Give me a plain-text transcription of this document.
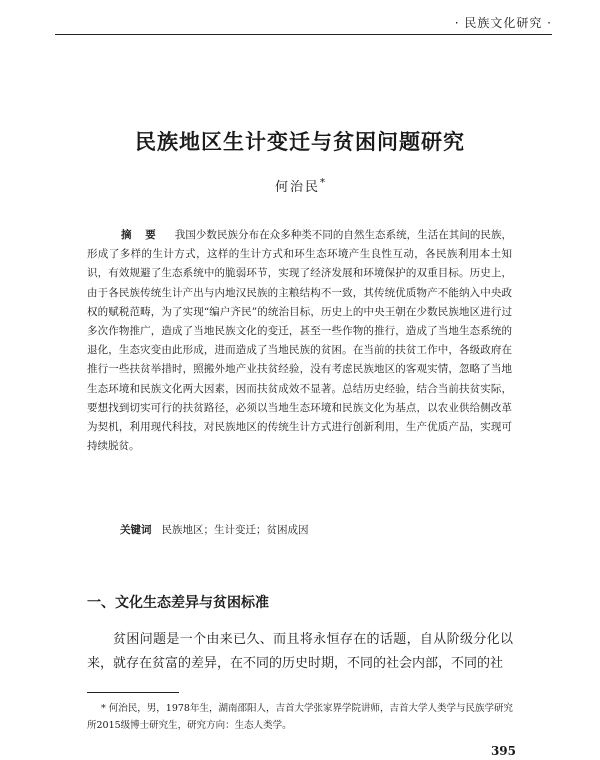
· 民族文化研究 ·
民族地区生计变迁与贫困问题研究
何治民*

摘 要 我国少数民族分布在众多种类不同的自然生态系统，生活在其间的民族，形成了多样的生计方式，这样的生计方式和环生态环境产生良性互动，各民族利用本土知识，有效规避了生态系统中的脆弱环节，实现了经济发展和环境保护的双重目标。历史上，由于各民族传统生计产出与内地汉民族的主粮结构不一致，其传统优质物产不能纳入中央政权的赋税范畴，为了实现“编户齐民”的统治目标，历史上的中央王朝在少数民族地区进行过多次作物推广，造成了当地民族文化的变迁，甚至一些作物的推行，造成了当地生态系统的退化，生态灾变由此形成，进而造成了当地民族的贫困。在当前的扶贫工作中，各级政府在推行一些扶贫举措时，照搬外地产业扶贫经验，没有考虑民族地区的客观实情，忽略了当地生态环境和民族文化两大因素，因而扶贫成效不显著。总结历史经验，结合当前扶贫实际，要想找到切实可行的扶贫路径，必须以当地生态环境和民族文化为基点，以农业供给侧改革为契机，利用现代科技，对民族地区的传统生计方式进行创新利用，生产优质产品，实现可持续脱贫。

关键词 民族地区；生计变迁；贫困成因
一、文化生态差异与贫困标准

贫困问题是一个由来已久、而且将永恒存在的话题，自从阶级分化以来，就存在贫富的差异，在不同的历史时期，不同的社会内部，不同的社

* 何治民，男，1978年生，湖南邵阳人，吉首大学张家界学院讲师，吉首大学人类学与民族学研究所2015级博士研究生，研究方向：生态人类学。

395
